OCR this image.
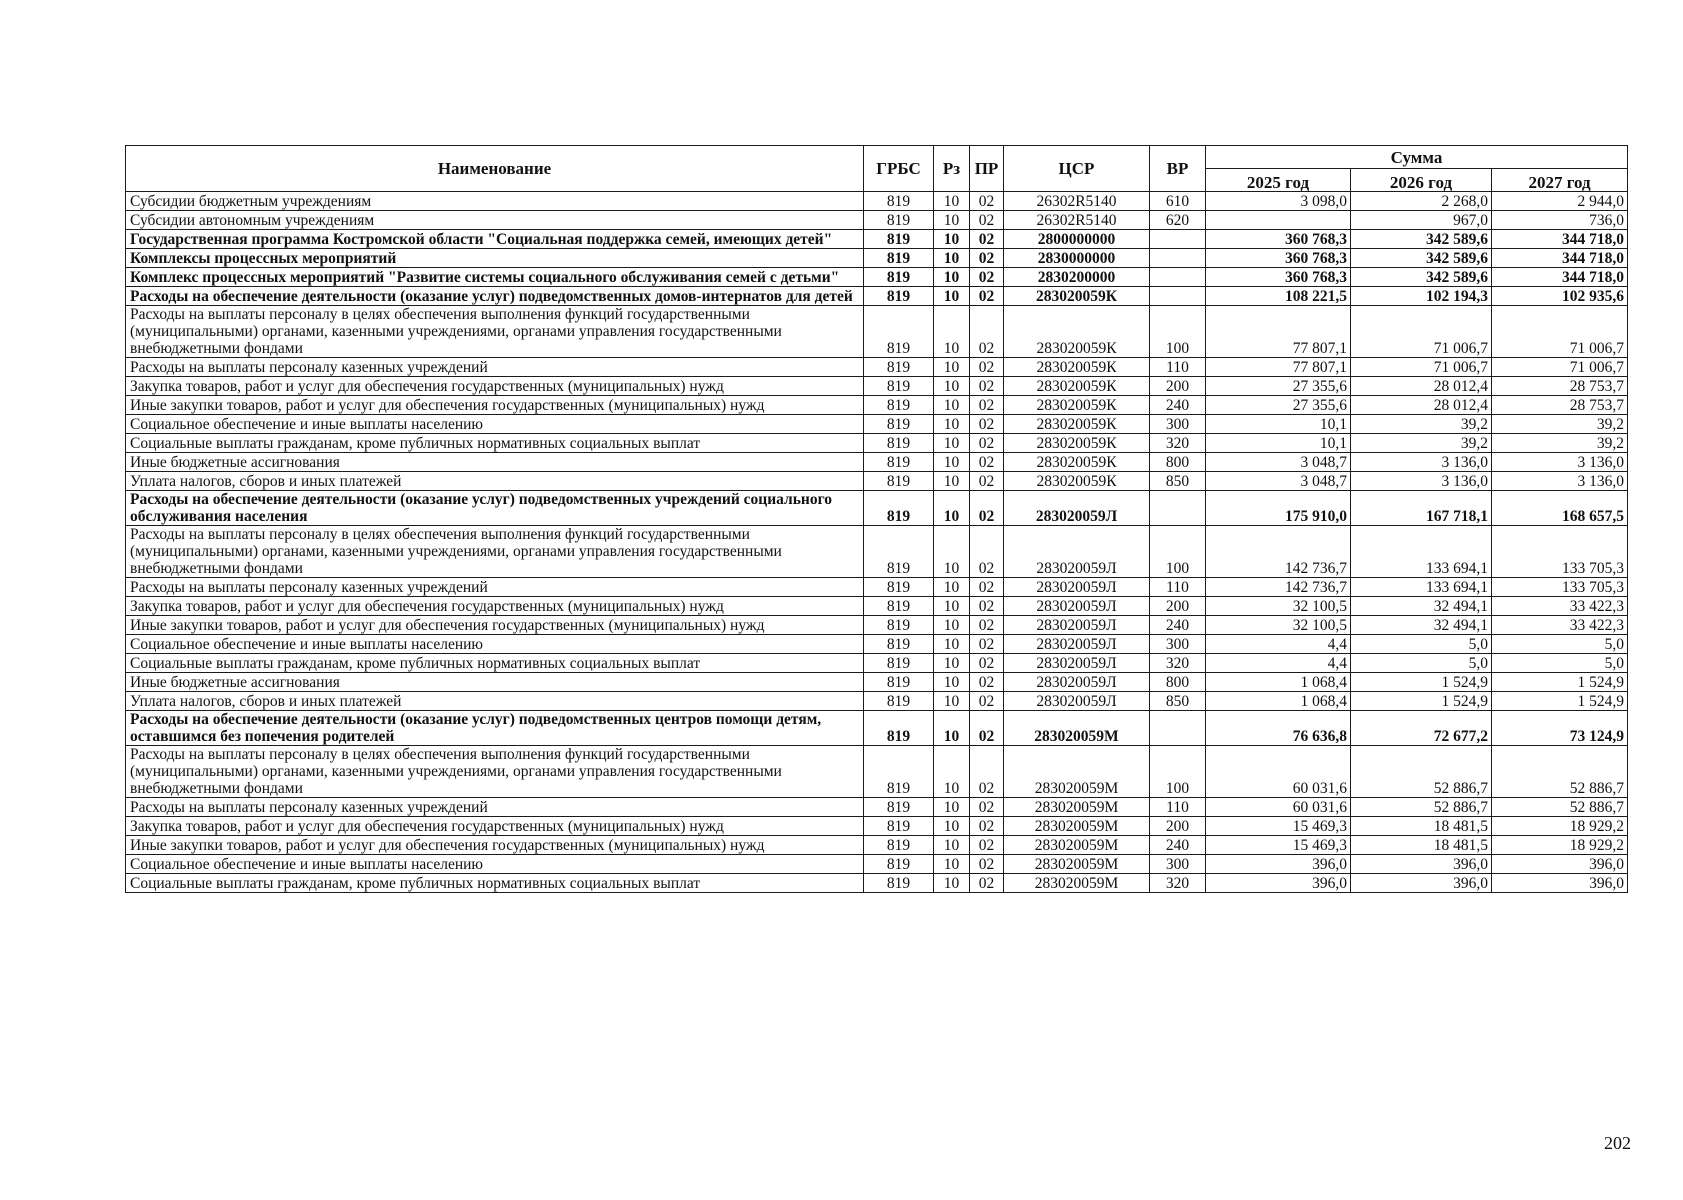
Наименование	ГРБС	Рз	ПР	ЦСР	ВР	Сумма		
						2025 год	2026 год	2027 год
Субсидии бюджетным учреждениям	819	10	02	26302R5140	610	3 098,0	2 268,0	2 944,0
Субсидии автономным учреждениям	819	10	02	26302R5140	620		967,0	736,0
Государственная программа Костромской области "Социальная поддержка семей, имеющих детей"	819	10	02	2800000000		360 768,3	342 589,6	344 718,0
Комплексы процессных мероприятий	819	10	02	2830000000		360 768,3	342 589,6	344 718,0
Комплекс процессных мероприятий "Развитие системы социального обслуживания семей с детьми"	819	10	02	2830200000		360 768,3	342 589,6	344 718,0
Расходы на обеспечение деятельности (оказание услуг) подведомственных домов-интернатов для детей	819	10	02	283020059К		108 221,5	102 194,3	102 935,6
Расходы на выплаты персоналу в целях обеспечения выполнения функций государственными (муниципальными) органами, казенными учреждениями, органами управления государственными внебюджетными фондами	819	10	02	283020059К	100	77 807,1	71 006,7	71 006,7
Расходы на выплаты персоналу казенных учреждений	819	10	02	283020059К	110	77 807,1	71 006,7	71 006,7
Закупка товаров, работ и услуг для обеспечения государственных (муниципальных) нужд	819	10	02	283020059К	200	27 355,6	28 012,4	28 753,7
Иные закупки товаров, работ и услуг для обеспечения государственных (муниципальных) нужд	819	10	02	283020059К	240	27 355,6	28 012,4	28 753,7
Социальное обеспечение и иные выплаты населению	819	10	02	283020059К	300	10,1	39,2	39,2
Социальные выплаты гражданам, кроме публичных нормативных социальных выплат	819	10	02	283020059К	320	10,1	39,2	39,2
Иные бюджетные ассигнования	819	10	02	283020059К	800	3 048,7	3 136,0	3 136,0
Уплата налогов, сборов и иных платежей	819	10	02	283020059К	850	3 048,7	3 136,0	3 136,0
Расходы на обеспечение деятельности (оказание услуг) подведомственных учреждений социального обслуживания населения	819	10	02	283020059Л		175 910,0	167 718,1	168 657,5
Расходы на выплаты персоналу в целях обеспечения выполнения функций государственными (муниципальными) органами, казенными учреждениями, органами управления государственными внебюджетными фондами	819	10	02	283020059Л	100	142 736,7	133 694,1	133 705,3
Расходы на выплаты персоналу казенных учреждений	819	10	02	283020059Л	110	142 736,7	133 694,1	133 705,3
Закупка товаров, работ и услуг для обеспечения государственных (муниципальных) нужд	819	10	02	283020059Л	200	32 100,5	32 494,1	33 422,3
Иные закупки товаров, работ и услуг для обеспечения государственных (муниципальных) нужд	819	10	02	283020059Л	240	32 100,5	32 494,1	33 422,3
Социальное обеспечение и иные выплаты населению	819	10	02	283020059Л	300	4,4	5,0	5,0
Социальные выплаты гражданам, кроме публичных нормативных социальных выплат	819	10	02	283020059Л	320	4,4	5,0	5,0
Иные бюджетные ассигнования	819	10	02	283020059Л	800	1 068,4	1 524,9	1 524,9
Уплата налогов, сборов и иных платежей	819	10	02	283020059Л	850	1 068,4	1 524,9	1 524,9
Расходы на обеспечение деятельности (оказание услуг) подведомственных центров помощи детям, оставшимся без попечения родителей	819	10	02	283020059М		76 636,8	72 677,2	73 124,9
Расходы на выплаты персоналу в целях обеспечения выполнения функций государственными (муниципальными) органами, казенными учреждениями, органами управления государственными внебюджетными фондами	819	10	02	283020059М	100	60 031,6	52 886,7	52 886,7
Расходы на выплаты персоналу казенных учреждений	819	10	02	283020059М	110	60 031,6	52 886,7	52 886,7
Закупка товаров, работ и услуг для обеспечения государственных (муниципальных) нужд	819	10	02	283020059М	200	15 469,3	18 481,5	18 929,2
Иные закупки товаров, работ и услуг для обеспечения государственных (муниципальных) нужд	819	10	02	283020059М	240	15 469,3	18 481,5	18 929,2
Социальное обеспечение и иные выплаты населению	819	10	02	283020059М	300	396,0	396,0	396,0
Социальные выплаты гражданам, кроме публичных нормативных социальных выплат	819	10	02	283020059М	320	396,0	396,0	396,0
202
